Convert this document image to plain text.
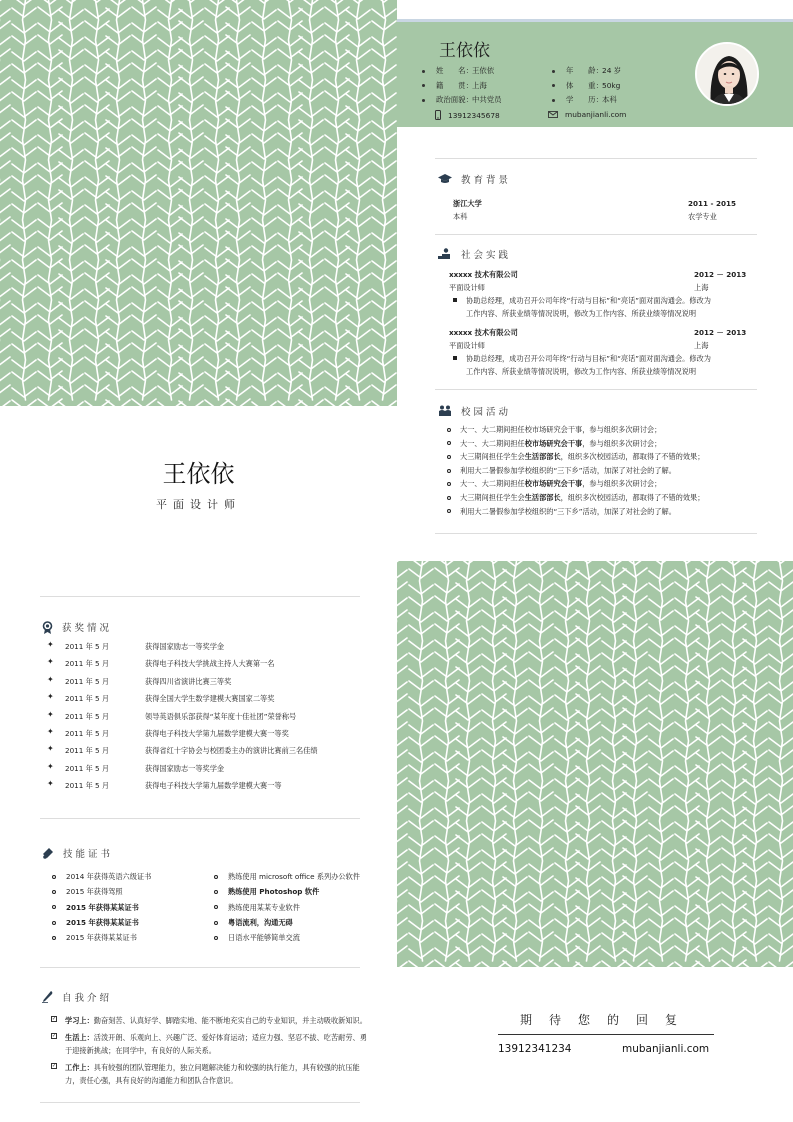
王依依
姓　　名： 王依依
籍　　贯： 上海
政治面貌： 中共党员
年　　龄： 24 岁
体　　重： 50kg
学　　历： 本科
13912345678	mubanjianli.com
教育背景
浙江大学	2011 - 2015
本科	农学专业
社会实践
xxxxx 技术有限公司	2012 － 2013
平面设计师	上海
协助总经理，成功召开公司年终“行动与目标”和“亮话”面对面沟通会。修改为
工作内容、所获业绩等情况说明，修改为工作内容、所获业绩等情况说明
xxxxx 技术有限公司	2012 － 2013
平面设计师	上海
协助总经理，成功召开公司年终“行动与目标”和“亮话”面对面沟通会。修改为
工作内容、所获业绩等情况说明，修改为工作内容、所获业绩等情况说明
校园活动
大一、大二期间担任校市场研究会干事，参与组织多次研讨会；
大一、大二期间担任 校市场研究会干事 ，参与组织多次研讨会；
大三期间担任学生会 生活部部长 ，组织多次校园活动，都取得了不错的效果；
利用大二暑假参加学校组织的“三下乡”活动，加深了对社会的了解。
大一、大二期间担任 校市场研究会干事 ，参与组织多次研讨会；
大三期间担任学生会 生活部部长 ，组织多次校园活动，都取得了不错的效果；
利用大二暑假参加学校组织的“三下乡”活动，加深了对社会的了解。
王依依
平面设计师
获奖情况
✦ 2011 年 5 月	获得国家励志一等奖学金
✦ 2011 年 5 月	获得电子科技大学挑战主持人大赛第一名
✦ 2011 年 5 月	获得四川省演讲比赛三等奖
✦ 2011 年 5 月	获得全国大学生数学建模大赛国家二等奖
✦ 2011 年 5 月	领导英语俱乐部获得“某年度十佳社团”荣誉称号
✦ 2011 年 5 月	获得电子科技大学第九届数学建模大赛一等奖
✦ 2011 年 5 月	获得省红十字协会与校团委主办的演讲比赛前三名佳绩
✦ 2011 年 5 月	获得国家励志一等奖学金
✦ 2011 年 5 月	获得电子科技大学第九届数学建模大赛一等
技能证书
2014 年获得英语六级证书
2015 年获得驾照
2015 年获得某某证书
2015 年获得某某证书
2015 年获得某某证书
熟练使用 microsoft office 系列办公软件
熟练使用 Photoshop 软件
熟练使用某某专业软件
粤语流利，沟通无碍
日语水平能够简单交流
自我介绍
✓ 学习上：勤奋刻苦、认真好学、脚踏实地、能不断地充实自己的专业知识，并主动吸收新知识。
✓ 生活上：活泼开朗、乐观向上、兴趣广泛、爱好体育运动；适应力强、坚忍不拔、吃苦耐劳、勇于迎接新挑战；在同学中，有良好的人际关系。
✓ 工作上：具有较强的团队管理能力，独立问题解决能力和较强的执行能力，具有较强的抗压能力，责任心强，具有良好的沟通能力和团队合作意识。
期待您的回复
13912341234	mubanjianli.com
